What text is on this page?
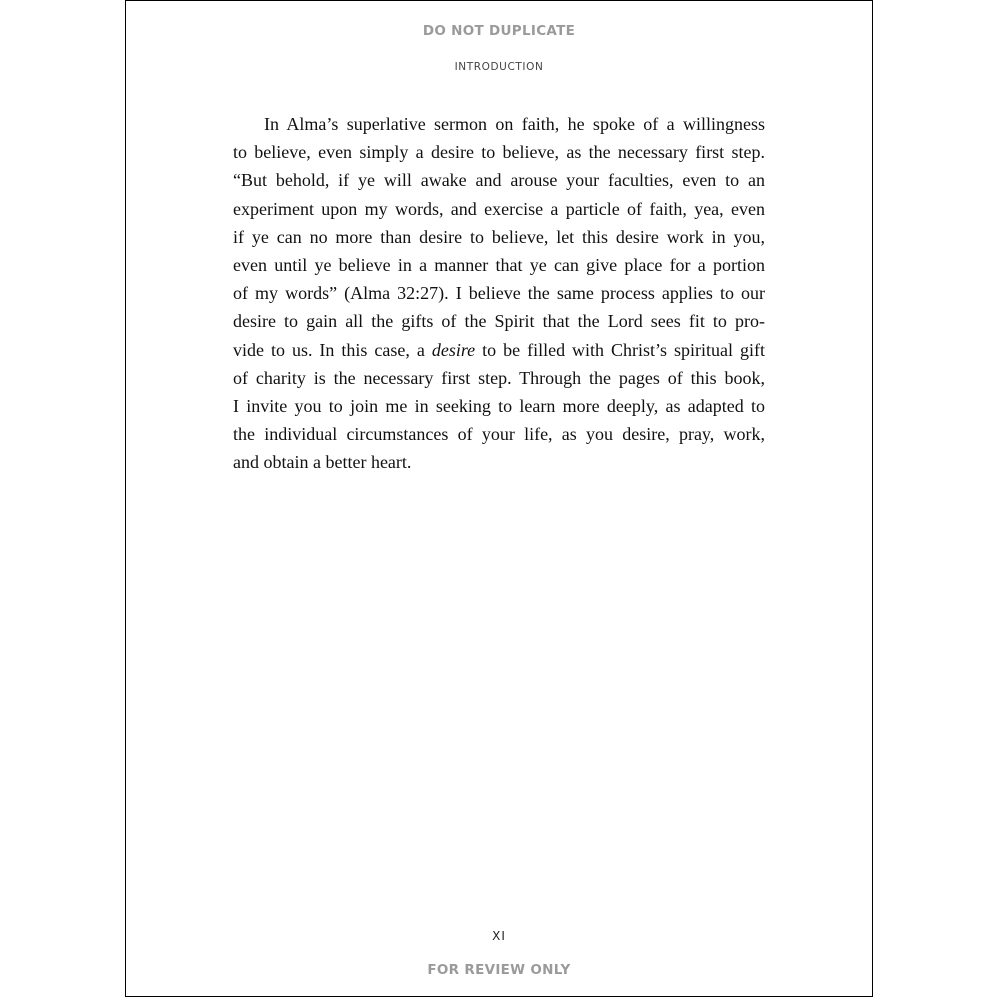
DO NOT DUPLICATE
INTRODUCTION
In Alma’s superlative sermon on faith, he spoke of a willingness
to believe, even simply a desire to believe, as the necessary first step.
“But behold, if ye will awake and arouse your faculties, even to an
experiment upon my words, and exercise a particle of faith, yea, even
if ye can no more than desire to believe, let this desire work in you,
even until ye believe in a manner that ye can give place for a portion
of my words” (Alma 32:27). I believe the same process applies to our
desire to gain all the gifts of the Spirit that the Lord sees fit to pro-
vide to us. In this case, a desire to be filled with Christ’s spiritual gift
of charity is the necessary first step. Through the pages of this book,
I invite you to join me in seeking to learn more deeply, as adapted to
the individual circumstances of your life, as you desire, pray, work,
and obtain a better heart.
XI
FOR REVIEW ONLY
